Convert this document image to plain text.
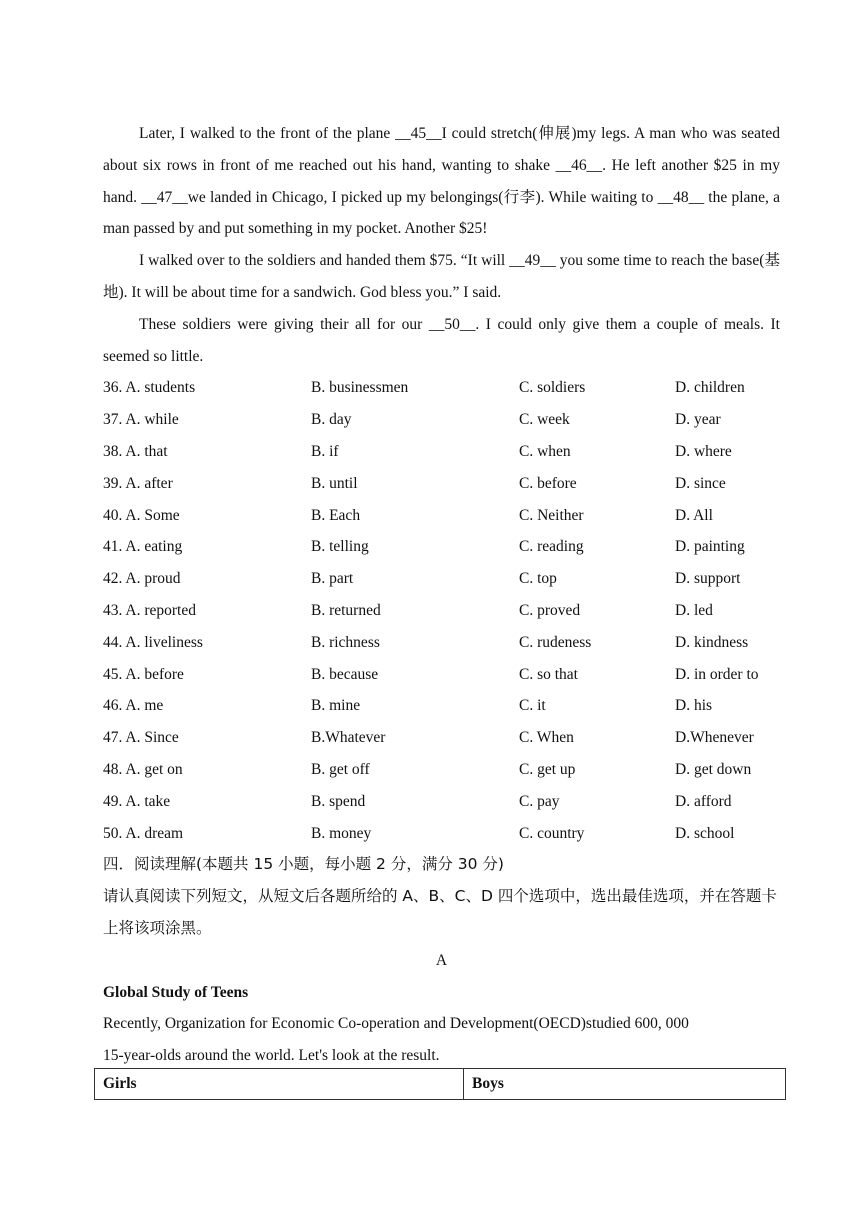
Later, I walked to the front of the plane __45__I could stretch(伸展)my legs. A man who was seated about six rows in front of me reached out his hand, wanting to shake __46__. He left another $25 in my hand. __47__we landed in Chicago, I picked up my belongings(行李). While waiting to __48__ the plane, a man passed by and put something in my pocket. Another $25!

I walked over to the soldiers and handed them $75. “It will __49__ you some time to reach the base(基地). It will be about time for a sandwich. God bless you.” I said.

These soldiers were giving their all for our __50__. I could only give them a couple of meals. It seemed so little.

36. A. students	B. businessmen	C. soldiers	D. children
37. A. while	B. day	C. week	D. year
38. A. that	B. if	C. when	D. where
39. A. after	B. until	C. before	D. since
40. A. Some	B. Each	C. Neither	D. All
41. A. eating	B. telling	C. reading	D. painting
42. A. proud	B. part	C. top	D. support
43. A. reported	B. returned	C. proved	D. led
44. A. liveliness	B. richness	C. rudeness	D. kindness
45. A. before	B. because	C. so that	D. in order to
46. A. me	B. mine	C. it	D. his
47. A. Since	B.Whatever	C. When	D.Whenever
48. A. get on	B. get off	C. get up	D. get down
49. A. take	B. spend	C. pay	D. afford
50. A. dream	B. money	C. country	D. school

四．阅读理解(本题共 15 小题，每小题 2 分，满分 30 分)

请认真阅读下列短文，从短文后各题所给的 A、B、C、D 四个选项中，选出最佳选项，并在答题卡上将该项涂黑。

A

Global Study of Teens

Recently, Organization for Economic Co-operation and Development(OECD)studied 600, 000

15-year-olds around the world. Let's look at the result.

Girls	Boys
